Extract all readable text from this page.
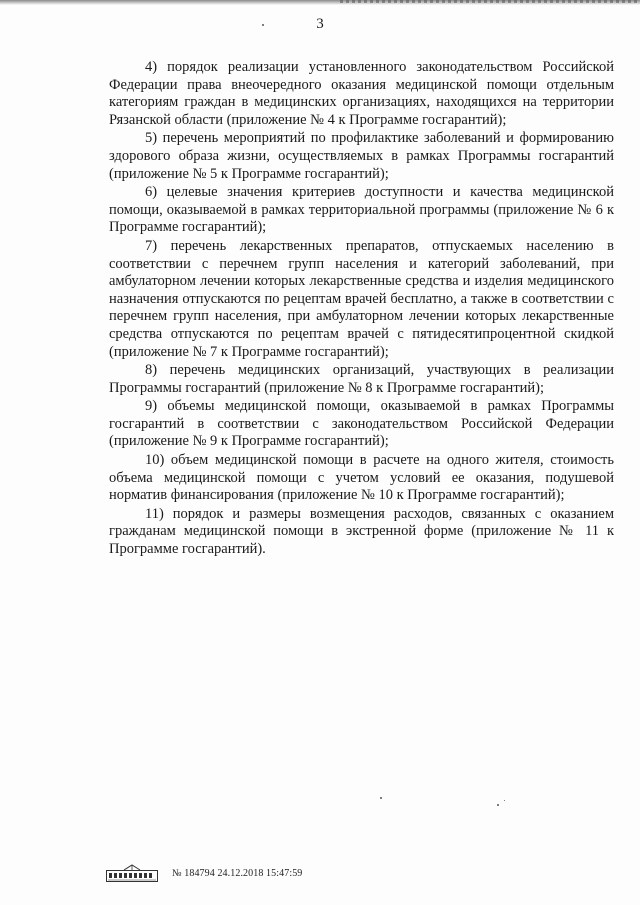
3

4) порядок реализации установленного законодательством Российской Федерации права внеочередного оказания медицинской помощи отдельным категориям граждан в медицинских организациях, находящихся на территории Рязанской области (приложение № 4 к Программе госгарантий);

5) перечень мероприятий по профилактике заболеваний и формированию здорового образа жизни, осуществляемых в рамках Программы госгарантий (приложение № 5 к Программе госгарантий);

6) целевые значения критериев доступности и качества медицинской помощи, оказываемой в рамках территориальной программы (приложение № 6 к Программе госгарантий);

7) перечень лекарственных препаратов, отпускаемых населению в соответствии с перечнем групп населения и категорий заболеваний, при амбулаторном лечении которых лекарственные средства и изделия медицинского назначения отпускаются по рецептам врачей бесплатно, а также в соответствии с перечнем групп населения, при амбулаторном лечении которых лекарственные средства отпускаются по рецептам врачей с пятидесятипроцентной скидкой (приложение № 7 к Программе госгарантий);

8) перечень медицинских организаций, участвующих в реализации Программы госгарантий (приложение № 8 к Программе госгарантий);

9) объемы медицинской помощи, оказываемой в рамках Программы госгарантий в соответствии с законодательством Российской Федерации (приложение № 9 к Программе госгарантий);

10) объем медицинской помощи в расчете на одного жителя, стоимость объема медицинской помощи с учетом условий ее оказания, подушевой норматив финансирования (приложение № 10 к Программе госгарантий);

11) порядок и размеры возмещения расходов, связанных с оказанием гражданам медицинской помощи в экстренной форме (приложение № 11 к Программе госгарантий).

№ 184794 24.12.2018 15:47:59
